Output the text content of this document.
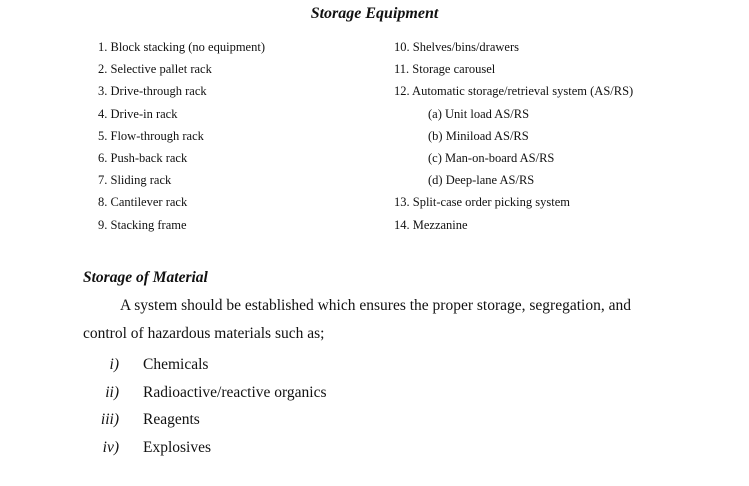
Storage Equipment
1. Block stacking (no equipment)
2. Selective pallet rack
3. Drive-through rack
4. Drive-in rack
5. Flow-through rack
6. Push-back rack
7. Sliding rack
8. Cantilever rack
9. Stacking frame
10. Shelves/bins/drawers
11. Storage carousel
12. Automatic storage/retrieval system (AS/RS)
(a) Unit load AS/RS
(b) Miniload AS/RS
(c) Man-on-board AS/RS
(d) Deep-lane AS/RS
13. Split-case order picking system
14. Mezzanine
Storage of Material
A system should be established which ensures the proper storage, segregation, and
control of hazardous materials such as;
i) Chemicals
ii) Radioactive/reactive organics
iii) Reagents
iv) Explosives
